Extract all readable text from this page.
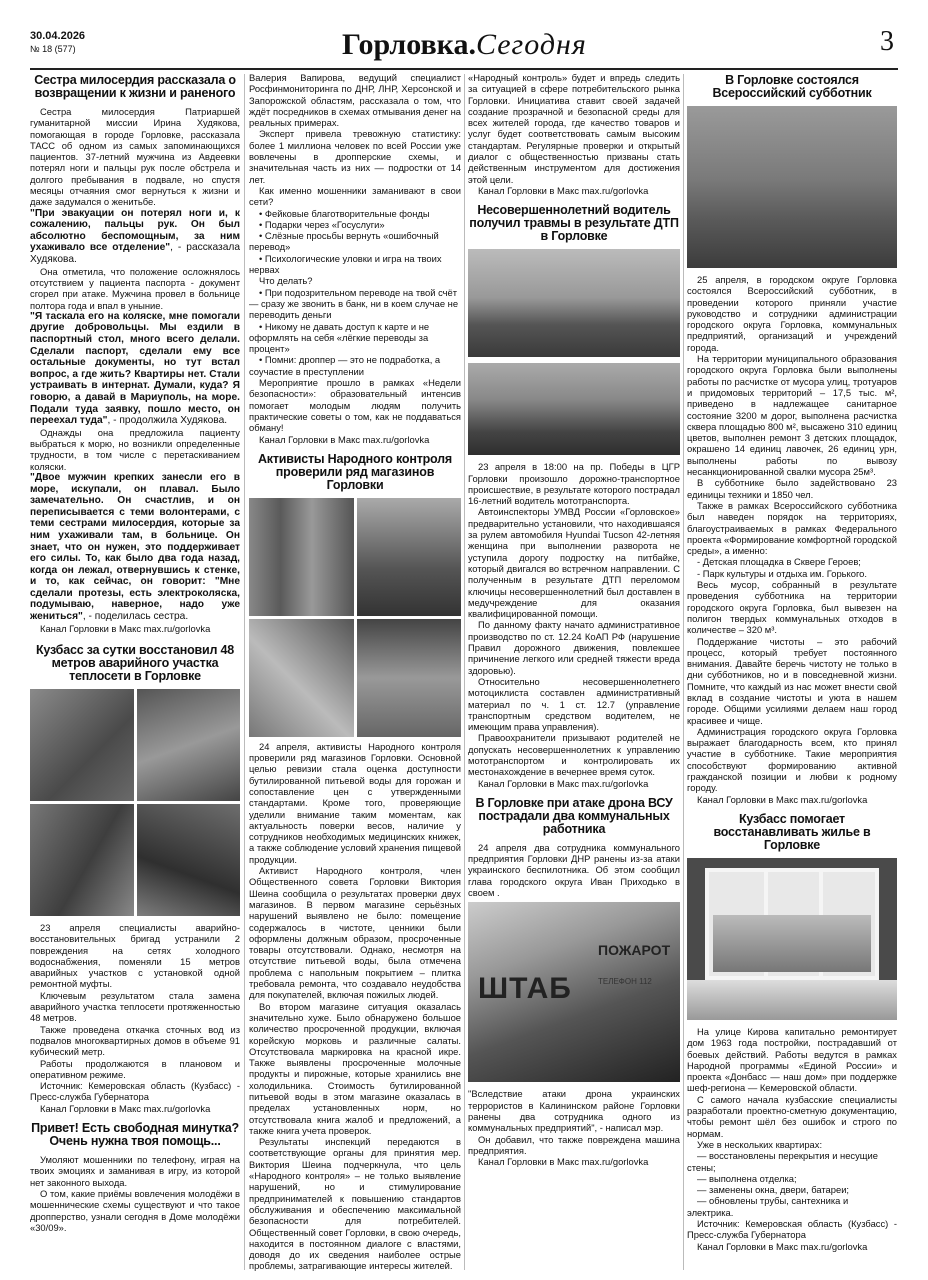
30.04.2026
№ 18 (577)	Горловка.Сегодня	3
Сестра милосердия рассказала о возвращении к жизни и раненого

Сестра милосердия Патриаршей гуманитарной миссии Ирина Худякова, помогающая в городе Горловке, рассказала ТАСС об одном из самых запоминающихся пациентов. 37-летний мужчина из Авдеевки потерял ноги и пальцы рук после обстрела и долгого пребывания в подвале, но спустя месяцы отчаяния смог вернуться к жизни и даже задумался о женитьбе.

"При эвакуации он потерял ноги и, к сожалению, пальцы рук. Он был абсолютно беспомощным, за ним ухаживало все отделение", - рассказала Худякова.

Она отметила, что положение осложнялось отсутствием у пациента паспорта - документ сгорел при атаке. Мужчина провел в больнице полтора года и впал в уныние.

"Я таскала его на коляске, мне помогали другие добровольцы. Мы ездили в паспортный стол, много всего делали. Сделали паспорт, сделали ему все остальные документы, но тут встал вопрос, а где жить? Квартиры нет. Стали устраивать в интернат. Думали, куда? Я говорю, а давай в Мариуполь, на море. Подали туда заявку, пошло место, он переехал туда", - продолжила Худякова.

Однажды она предложила пациенту выбраться к морю, но возникли определенные трудности, в том числе с перетаскиванием коляски.

"Двое мужчин крепких занесли его в море, искупали, он плавал. Было замечательно. Он счастлив, и он переписывается с теми волонтерами, с теми сестрами милосердия, которые за ним ухаживали там, в больнице. Он знает, что он нужен, это поддерживает его силы. То, как было два года назад, когда он лежал, отвернувшись к стенке, и то, как сейчас, он говорит: "Мне сделали протезы, есть электроколяска, подумываю, наверное, надо уже жениться", - поделилась сестра.

Канал Горловки в Макс max.ru/gorlovka

Кузбасс за сутки восстановил 48 метров аварийного участка теплосети в Горловке

23 апреля специалисты аварийно-восстановительных бригад устранили 2 повреждения на сетях холодного водоснабжения, поменяли 15 метров аварийных участков с установкой одной ремонтной муфты.

Ключевым результатом стала замена аварийного участка теплосети протяженностью 48 метров.

Также проведена откачка сточных вод из подвалов многоквартирных домов в объеме 91 кубический метр.

Работы продолжаются в плановом и оперативном режиме.

Источник: Кемеровская область (Кузбасс) - Пресс-служба Губернатора

Канал Горловки в Макс max.ru/gorlovka

Привет! Есть свободная минутка? Очень нужна твоя помощь...

Умоляют мошенники по телефону, играя на твоих эмоциях и заманивая в игру, из которой нет законного выхода.

О том, какие приёмы вовлечения молодёжи в мошеннические схемы существуют и что такое дропперство, узнали сегодня в Доме молодёжи «30/09».

Валерия Вапирова, ведущий специалист Росфинмониторинга по ДНР, ЛНР, Херсонской и Запорожской областям, рассказала о том, что ждёт посредников в схемах отмывания денег на реальных примерах.

Эксперт привела тревожную статистику: более 1 миллиона человек по всей России уже вовлечены в дропперские схемы, и значительная часть из них — подростки от 14 лет.

Как именно мошенники заманивают в свои сети?

• Фейковые благотворительные фонды
• Подарки через «Госуслуги»
• Слёзные просьбы вернуть «ошибочный перевод»
• Психологические уловки и игра на твоих нервах

Что делать?

• При подозрительном переводе на твой счёт — сразу же звонить в банк, ни в коем случае не переводить деньги
• Никому не давать доступ к карте и не оформлять на себя «лёгкие переводы за процент»
• Помни: дроппер — это не подработка, а соучастие в преступлении

Мероприятие прошло в рамках «Недели безопасности»: образовательный интенсив помогает молодым людям получить практические советы о том, как не поддаваться обману!

Канал Горловки в Макс max.ru/gorlovka

Активисты Народного контроля проверили ряд магазинов Горловки

24 апреля, активисты Народного контроля проверили ряд магазинов Горловки. Основной целью ревизии стала оценка доступности бутилированной питьевой воды для горожан и сопоставление цен с утвержденными стандартами. Кроме того, проверяющие уделили внимание таким моментам, как актуальность поверки весов, наличие у сотрудников необходимых медицинских книжек, а также соблюдение условий хранения пищевой продукции.

Активист Народного контроля, член Общественного совета Горловки Виктория Шеина сообщила о результатах проверки двух магазинов. В первом магазине серьёзных нарушений выявлено не было: помещение содержалось в чистоте, ценники были оформлены должным образом, просроченные товары отсутствовали. Однако, несмотря на отсутствие питьевой воды, была отмечена проблема с напольным покрытием – плитка требовала ремонта, что создавало неудобства для покупателей, включая пожилых людей.

Во втором магазине ситуация оказалась значительно хуже. Было обнаружено большое количество просроченной продукции, включая корейскую морковь и различные салаты. Отсутствовала маркировка на красной икре. Также выявлены просроченные молочные продукты и пирожные, которые хранились вне холодильника. Стоимость бутилированной питьевой воды в этом магазине оказалась в пределах установленных норм, но отсутствовала книга жалоб и предложений, а также книга учета проверок.

Результаты инспекций передаются в соответствующие органы для принятия мер. Виктория Шеина подчеркнула, что цель «Народного контроля» – не только выявление нарушений, но и стимулирование предпринимателей к повышению стандартов обслуживания и обеспечению максимальной безопасности для потребителей. Общественный совет Горловки, в свою очередь, находится в постоянном диалоге с властями, доводя до их сведения наиболее острые проблемы, затрагивающие интересы жителей.

«Народный контроль» будет и впредь следить за ситуацией в сфере потребительского рынка Горловки. Инициатива ставит своей задачей создание прозрачной и безопасной среды для всех жителей города, где качество товаров и услуг будет соответствовать самым высоким стандартам. Регулярные проверки и открытый диалог с общественностью призваны стать действенным инструментом для достижения этой цели.

Канал Горловки в Макс max.ru/gorlovka

Несовершеннолетний водитель получил травмы в результате ДТП в Горловке

23 апреля в 18:00 на пр. Победы в ЦГР Горловки произошло дорожно-транспортное происшествие, в результате которого пострадал 16-летний водитель мототранспорта.

Автоинспекторы УМВД России «Горловское» предварительно установили, что находившаяся за рулем автомобиля Hyundai Tucson 42-летняя женщина при выполнении разворота не уступила дорогу подростку на питбайке, который двигался во встречном направлении. С полученным в результате ДТП переломом ключицы несовершеннолетний был доставлен в медучреждение для оказания квалифицированной помощи.

По данному факту начато административное производство по ст. 12.24 КоАП РФ (нарушение Правил дорожного движения, повлекшее причинение легкого или средней тяжести вреда здоровью).

Относительно несовершеннолетнего мотоциклиста составлен административный материал по ч. 1 ст. 12.7 (управление транспортным средством водителем, не имеющим права управления).

Правоохранители призывают родителей не допускать несовершеннолетних к управлению мототранспортом и контролировать их местонахождение в вечернее время суток.

Канал Горловки в Макс max.ru/gorlovka

В Горловке при атаке дрона ВСУ пострадали два коммунальных работника

24 апреля два сотрудника коммунального предприятия Горловки ДНР ранены из-за атаки украинского беспилотника. Об этом сообщил глава городского округа Иван Приходько в своем .

ШТАБ
ПОЖАРОТ
ТЕЛЕФОН 112

"Вследствие атаки дрона украинских террористов в Калининском районе Горловки ранены два сотрудника одного из коммунальных предприятий", - написал мэр.

Он добавил, что также повреждена машина предприятия.

Канал Горловки в Макс max.ru/gorlovka

В Горловке состоялся Всероссийский субботник

25 апреля, в городском округе Горловка состоялся Всероссийский субботник, в проведении которого приняли участие руководство и сотрудники администрации городского округа Горловка, коммунальных предприятий, организаций и учреждений города.

На территории муниципального образования городского округа Горловка были выполнены работы по расчистке от мусора улиц, тротуаров и придомовых территорий – 17,5 тыс. м², приведено в надлежащее санитарное состояние 3200 м дорог, выполнена расчистка сквера площадью 800 м², высажено 310 единиц цветов, выполнен ремонт 3 детских площадок, окрашено 14 единиц лавочек, 26 единиц урн, выполнены работы по вывозу несанкционированной свалки мусора 25м³.

В субботнике было задействовано 23 единицы техники и 1850 чел.

Также в рамках Всероссийского субботника был наведен порядок на территориях, благоустраиваемых в рамках Федерального проекта «Формирование комфортной городской среды», а именно:

- Детская площадка в Сквере Героев;
- Парк культуры и отдыха им. Горького.

Весь мусор, собранный в результате проведения субботника на территории городского округа Горловка, был вывезен на полигон твердых коммунальных отходов в количестве – 320 м³.

Поддержание чистоты – это рабочий процесс, который требует постоянного внимания. Давайте беречь чистоту не только в дни субботников, но и в повседневной жизни. Помните, что каждый из нас может внести свой вклад в создание чистоты и уюта в нашем городе. Общими усилиями делаем наш город красивее и чище.

Администрация городского округа Горловка выражает благодарность всем, кто принял участие в субботнике. Такие мероприятия способствуют формированию активной гражданской позиции и любви к родному городу.

Канал Горловки в Макс max.ru/gorlovka

Кузбасс помогает восстанавливать жилье в Горловке

На улице Кирова капитально ремонтирует дом 1963 года постройки, пострадавший от боевых действий. Работы ведутся в рамках Народной программы «Единой России» и проекта «Донбасс — наш дом» при поддержке шеф-региона — Кемеровской области.

С самого начала кузбасские специалисты разработали проектно-сметную документацию, чтобы ремонт шёл без ошибок и строго по нормам.

Уже в нескольких квартирах:

— восстановлены перекрытия и несущие стены;
— выполнена отделка;
— заменены окна, двери, батареи;
— обновлены трубы, сантехника и электрика.

Источник: Кемеровская область (Кузбасс) - Пресс-служба Губернатора

Канал Горловки в Макс max.ru/gorlovka
